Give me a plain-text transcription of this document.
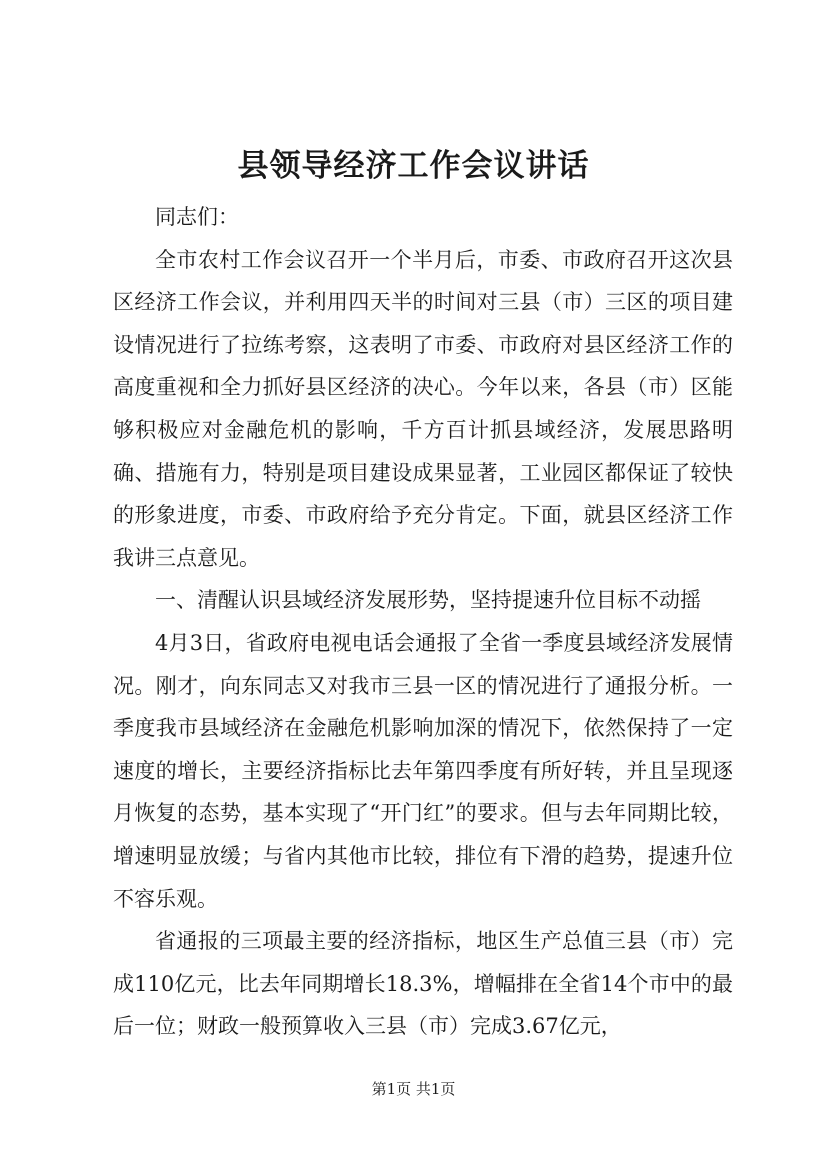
县领导经济工作会议讲话

同志们：

全市农村工作会议召开一个半月后，市委、市政府召开这次县区经济工作会议，并利用四天半的时间对三县（市）三区的项目建设情况进行了拉练考察，这表明了市委、市政府对县区经济工作的高度重视和全力抓好县区经济的决心。今年以来，各县（市）区能够积极应对金融危机的影响，千方百计抓县域经济，发展思路明确、措施有力，特别是项目建设成果显著，工业园区都保证了较快的形象进度，市委、市政府给予充分肯定。下面，就县区经济工作我讲三点意见。

一、清醒认识县域经济发展形势，坚持提速升位目标不动摇

4月3日，省政府电视电话会通报了全省一季度县域经济发展情况。刚才，向东同志又对我市三县一区的情况进行了通报分析。一季度我市县域经济在金融危机影响加深的情况下，依然保持了一定速度的增长，主要经济指标比去年第四季度有所好转，并且呈现逐月恢复的态势，基本实现了“开门红”的要求。但与去年同期比较，增速明显放缓；与省内其他市比较，排位有下滑的趋势，提速升位不容乐观。

省通报的三项最主要的经济指标，地区生产总值三县（市）完成110亿元，比去年同期增长18.3%，增幅排在全省14个市中的最后一位；财政一般预算收入三县（市）完成3.67亿元，

第1页 共1页
